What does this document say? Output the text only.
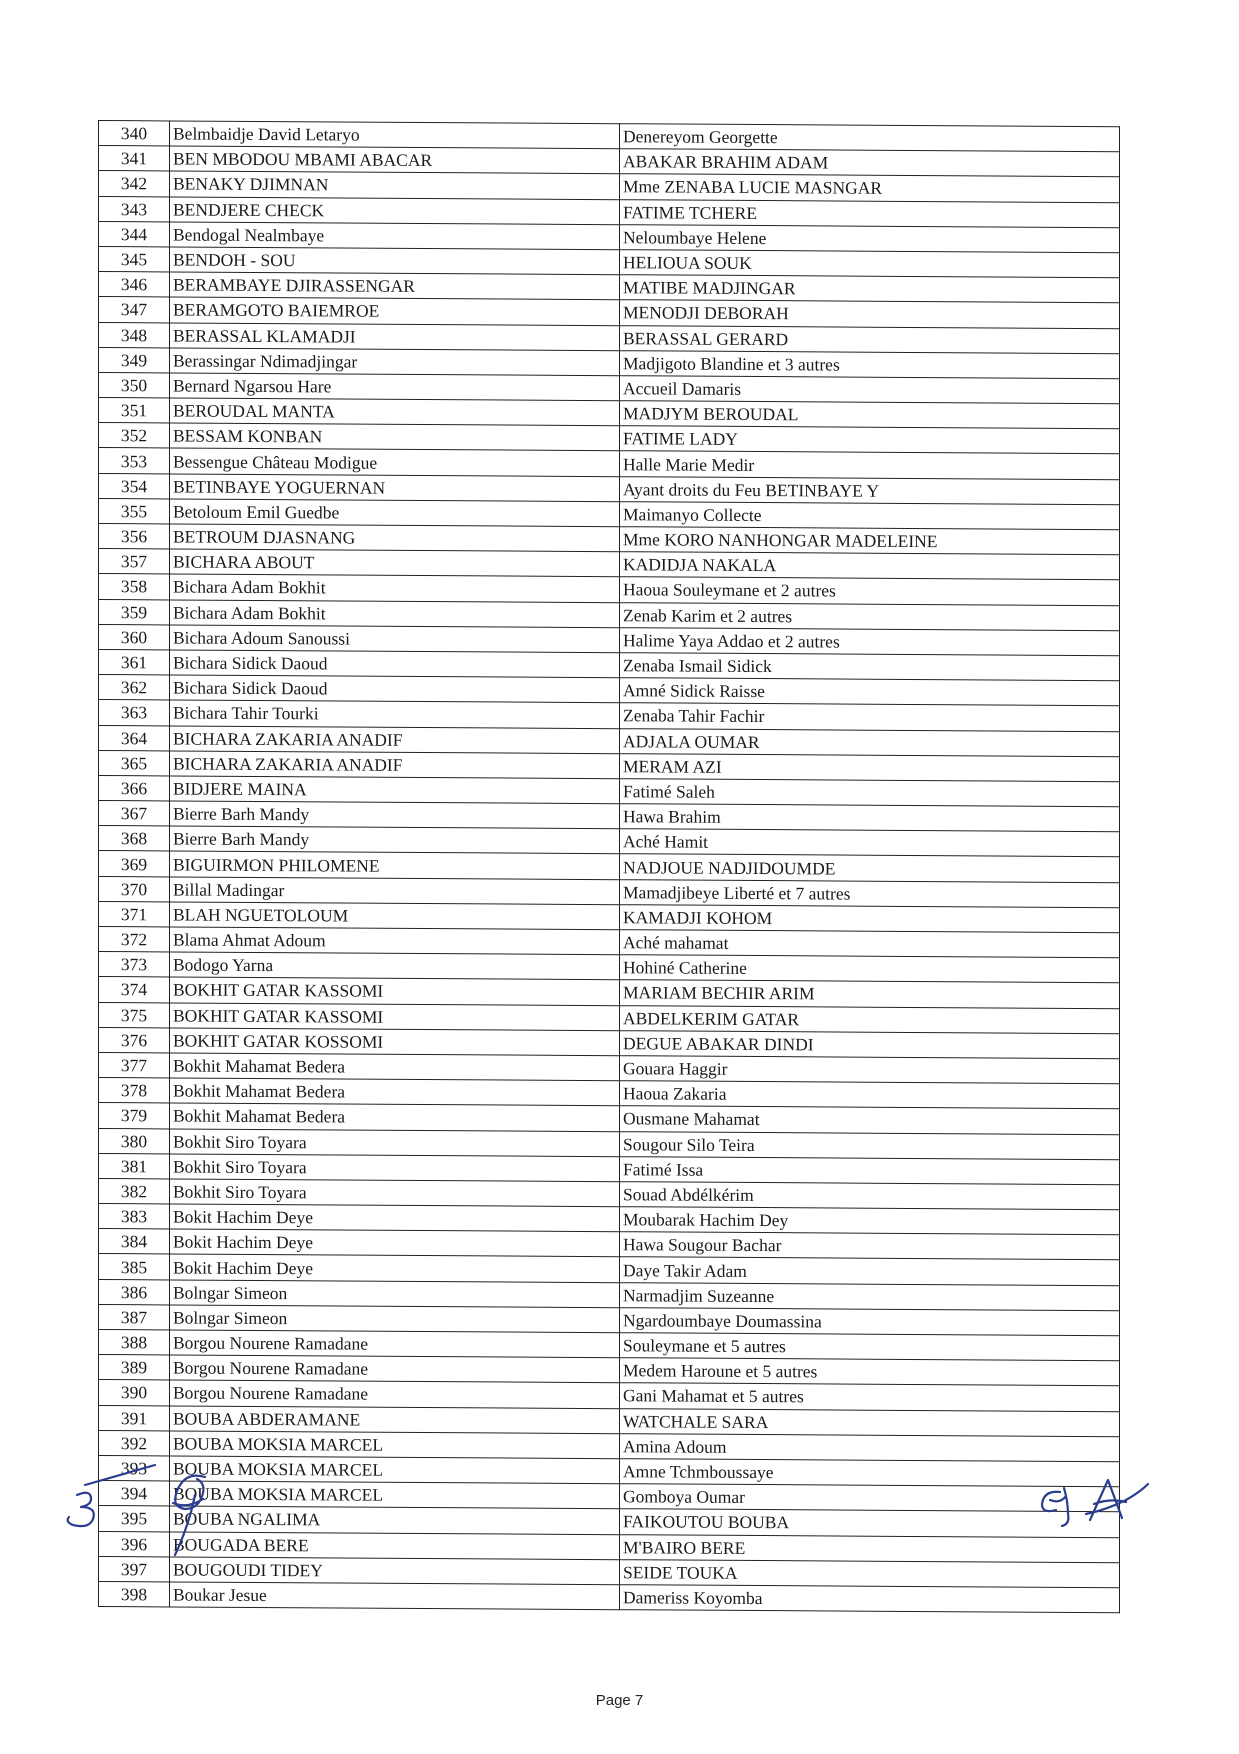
340	Belmbaidje David Letaryo	Denereyom Georgette
341	BEN MBODOU MBAMI ABACAR	ABAKAR BRAHIM ADAM
342	BENAKY DJIMNAN	Mme ZENABA LUCIE MASNGAR
343	BENDJERE CHECK	FATIME TCHERE
344	Bendogal Nealmbaye	Neloumbaye Helene
345	BENDOH - SOU	HELIOUA SOUK
346	BERAMBAYE DJIRASSENGAR	MATIBE MADJINGAR
347	BERAMGOTO BAIEMROE	MENODJI DEBORAH
348	BERASSAL KLAMADJI	BERASSAL GERARD
349	Berassingar Ndimadjingar	Madjigoto Blandine et 3 autres
350	Bernard Ngarsou Hare	Accueil Damaris
351	BEROUDAL MANTA	MADJYM BEROUDAL
352	BESSAM KONBAN	FATIME LADY
353	Bessengue Château Modigue	Halle Marie Medir
354	BETINBAYE YOGUERNAN	Ayant droits du Feu BETINBAYE Y
355	Betoloum Emil Guedbe	Maimanyo Collecte
356	BETROUM DJASNANG	Mme KORO NANHONGAR MADELEINE
357	BICHARA ABOUT	KADIDJA NAKALA
358	Bichara Adam Bokhit	Haoua Souleymane et 2 autres
359	Bichara Adam Bokhit	Zenab Karim et 2 autres
360	Bichara Adoum Sanoussi	Halime Yaya Addao et 2 autres
361	Bichara Sidick Daoud	Zenaba Ismail Sidick
362	Bichara Sidick Daoud	Amné Sidick Raisse
363	Bichara Tahir Tourki	Zenaba Tahir Fachir
364	BICHARA ZAKARIA ANADIF	ADJALA OUMAR
365	BICHARA ZAKARIA ANADIF	MERAM AZI
366	BIDJERE MAINA	Fatimé Saleh
367	Bierre Barh Mandy	Hawa Brahim
368	Bierre Barh Mandy	Aché Hamit
369	BIGUIRMON PHILOMENE	NADJOUE NADJIDOUMDE
370	Billal Madingar	Mamadjibeye Liberté et 7 autres
371	BLAH NGUETOLOUM	KAMADJI KOHOM
372	Blama Ahmat Adoum	Aché mahamat
373	Bodogo Yarna	Hohiné Catherine
374	BOKHIT GATAR KASSOMI	MARIAM BECHIR ARIM
375	BOKHIT GATAR KASSOMI	ABDELKERIM GATAR
376	BOKHIT GATAR KOSSOMI	DEGUE ABAKAR DINDI
377	Bokhit Mahamat Bedera	Gouara Haggir
378	Bokhit Mahamat Bedera	Haoua Zakaria
379	Bokhit Mahamat Bedera	Ousmane Mahamat
380	Bokhit Siro Toyara	Sougour Silo Teira
381	Bokhit Siro Toyara	Fatimé Issa
382	Bokhit Siro Toyara	Souad Abdélkérim
383	Bokit Hachim Deye	Moubarak Hachim Dey
384	Bokit Hachim Deye	Hawa Sougour Bachar
385	Bokit Hachim Deye	Daye Takir Adam
386	Bolngar Simeon	Narmadjim Suzeanne
387	Bolngar Simeon	Ngardoumbaye Doumassina
388	Borgou Nourene Ramadane	Souleymane et 5 autres
389	Borgou Nourene Ramadane	Medem Haroune et 5 autres
390	Borgou Nourene Ramadane	Gani Mahamat et 5 autres
391	BOUBA ABDERAMANE	WATCHALE SARA
392	BOUBA MOKSIA MARCEL	Amina Adoum
393	BOUBA MOKSIA MARCEL	Amne Tchmboussaye
394	BOUBA MOKSIA MARCEL	Gomboya Oumar
395	BOUBA NGALIMA	FAIKOUTOU BOUBA
396	BOUGADA BERE	M'BAIRO BERE
397	BOUGOUDI TIDEY	SEIDE TOUKA
398	Boukar Jesue	Dameriss Koyomba
Page 7
